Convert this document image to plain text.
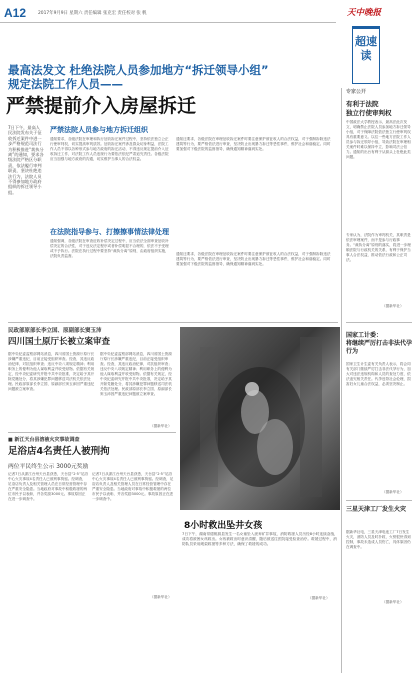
A12	2017年9月9日 星期六 责任编辑 张克宏 责任校对 张 帆	天中晚报
超速读
最高法发文 杜绝法院人员参加地方“拆迁领导小组”
规定法院工作人员——
严禁提前介入房屋拆迁
7日下午，最高人民法院发布关于征收拆迁案件中进一步严格规范司法行为积极推进“裁执分离”的通知，要求各级法院严格区分职责，依法履行审判职责，坚决杜绝违法行为，法院人员不得参加地方政府组织的拆迁领导小组。
严禁法院人员参与地方拆迁组织
通知要求，各级法院在审理和执行征收拆迁案件过程中，坚持依法独立公正行使审判权，切实提高审判质效。征收拆迁案件涉及群众切身利益，法院工作人员不得以各种形式参与地方政府的拆迁活动，不得违反规定提前介入征收拆迁工作，对法院工作人员违规行为要依法依纪严肃追究责任。各级法院应当加强与地方政府的沟通，切实维护当事人的合法权益。
通知还要求，各级法院在审理征收拆迁案件时要注意保护被征收人的合法权益，对于强制拆除违法建筑等行为，要严格依法进行审查，坚决防止出现暴力拆迁等恶性事件，维护社会和谐稳定。同时要加强对下级法院的监督指导，确保通知精神落到实处。
在法院指导参与、打擦擦事情法律处理
通知强调，各级法院在审查征收补偿决定过程中，应当依法全面审查征收补偿决定的合法性，对于违反法定程序或者补偿明显不合理的，依法不予受理或不予执行。法院在执行过程中要坚持“裁执分离”原则，由政府组织实施，法院负责监督。	通知还要求，各级法院在审理征收拆迁案件时要注意保护被征收人的合法权益，对于强制拆除违法建筑等行为，要严格依法进行审查，坚决防止出现暴力拆迁等恶性事件，维护社会和谐稳定。同时要加强对下级法院的监督指导，确保通知精神落到实处。
专家公开
有利于法院
独立行使审判权
中国政法大学教授表示，最高法此次发文，明确禁止法院人员参加地方拆迁领导小组，对于保障法院依法独立行使审判权具有重要意义。以往一些地方法院工作人员参与拆迁领导小组，导致法院在审理相关案件时难以保持中立，影响司法公信力。通知的出台有利于从源头上杜绝此类问题。
专家认为，法院作为审判机关，其职责是依法审理案件，而不是参与行政事务。“裁执分离”原则的落实，将进一步理顺法院与行政机关的关系，有利于保护当事人合法权益，推动依法行政和公正司法。
（据新华社）
民政部原部长李立国、原副部长窦玉沛
四川国土原厅长被立案审查
据中央纪委监察部网站消息，四川省国土资源厅原厅长涉嫌严重违纪，目前正接受组织审查。经查，其违反政治纪律，对抗组织审查；违反中央八项规定精神；利用职务上的便利为他人谋取利益并收受财物。依据有关规定，经中央纪委研究并报中共中央批准，决定给予其开除党籍处分，将其涉嫌犯罪问题移送司法机关依法处理。民政部原部长李立国、原副部长窦玉沛因严重违纪问题被立案审查。
据中央纪委监察部网站消息，四川省国土资源厅原厅长涉嫌严重违纪，目前正接受组织审查。经查，其违反政治纪律，对抗组织审查；违反中央八项规定精神；利用职务上的便利为他人谋取利益并收受财物。依据有关规定，经中央纪委研究并报中共中央批准，决定给予其开除党籍处分，将其涉嫌犯罪问题移送司法机关依法处理。民政部原部长李立国、原副部长窦玉沛因严重违纪问题被立案审查。
（据新华社）
■ 新江天台县溶液火灾事故调查
足浴店4名责任人被刑拘
两位平民终生公示 3000元奖励
记者7日从浙江台州天台县获悉，天台县“2·5”足浴中心火灾事故4名责任人已被刑事拘留。经调查，足浴店负责人及相关管理人员在日常经营管理中存在严重安全隐患。当地政府对事故中积极救援的两位市民予以表彰，并各奖励3000元。事故原因正在进一步调查中。
记者7日从浙江台州天台县获悉，天台县“2·5”足浴中心火灾事故4名责任人已被刑事拘留。经调查，足浴店负责人及相关管理人员在日常经营管理中存在严重安全隐患。当地政府对事故中积极救援的两位市民予以表彰，并各奖励3000元。事故原因正在进一步调查中。
（据新华社）
8小时救出坠井女孩
7日下午，湖南常德桃源县发生一名女童坠入废弃矿井事故，消防救援人员历经8小时连续奋战，成功将被困女孩救出。女孩被救出时意识清醒，随后被送往医院接受检查治疗。救援过程中，消防队员采用绳索救援等多种方法，确保了救援的成功。
（据新华社）
国家工计委：
将继续严厉打击非法代孕行为
国家卫生计生委有关负责人表示，将会同有关部门继续严厉打击非法代孕行为，加大对违法违规机构和人员的查处力度，依法追究相关责任。代孕违背社会伦理，损害妇女儿童合法权益，必须坚决制止。
（据新华社）
三星天津工厂发生火灾
据新华社电，三星天津电池工厂7日发生火灾，消防人员及时扑救，火势很快得到控制，事故未造成人员伤亡，具体原因仍在调查中。
（据新华社）
